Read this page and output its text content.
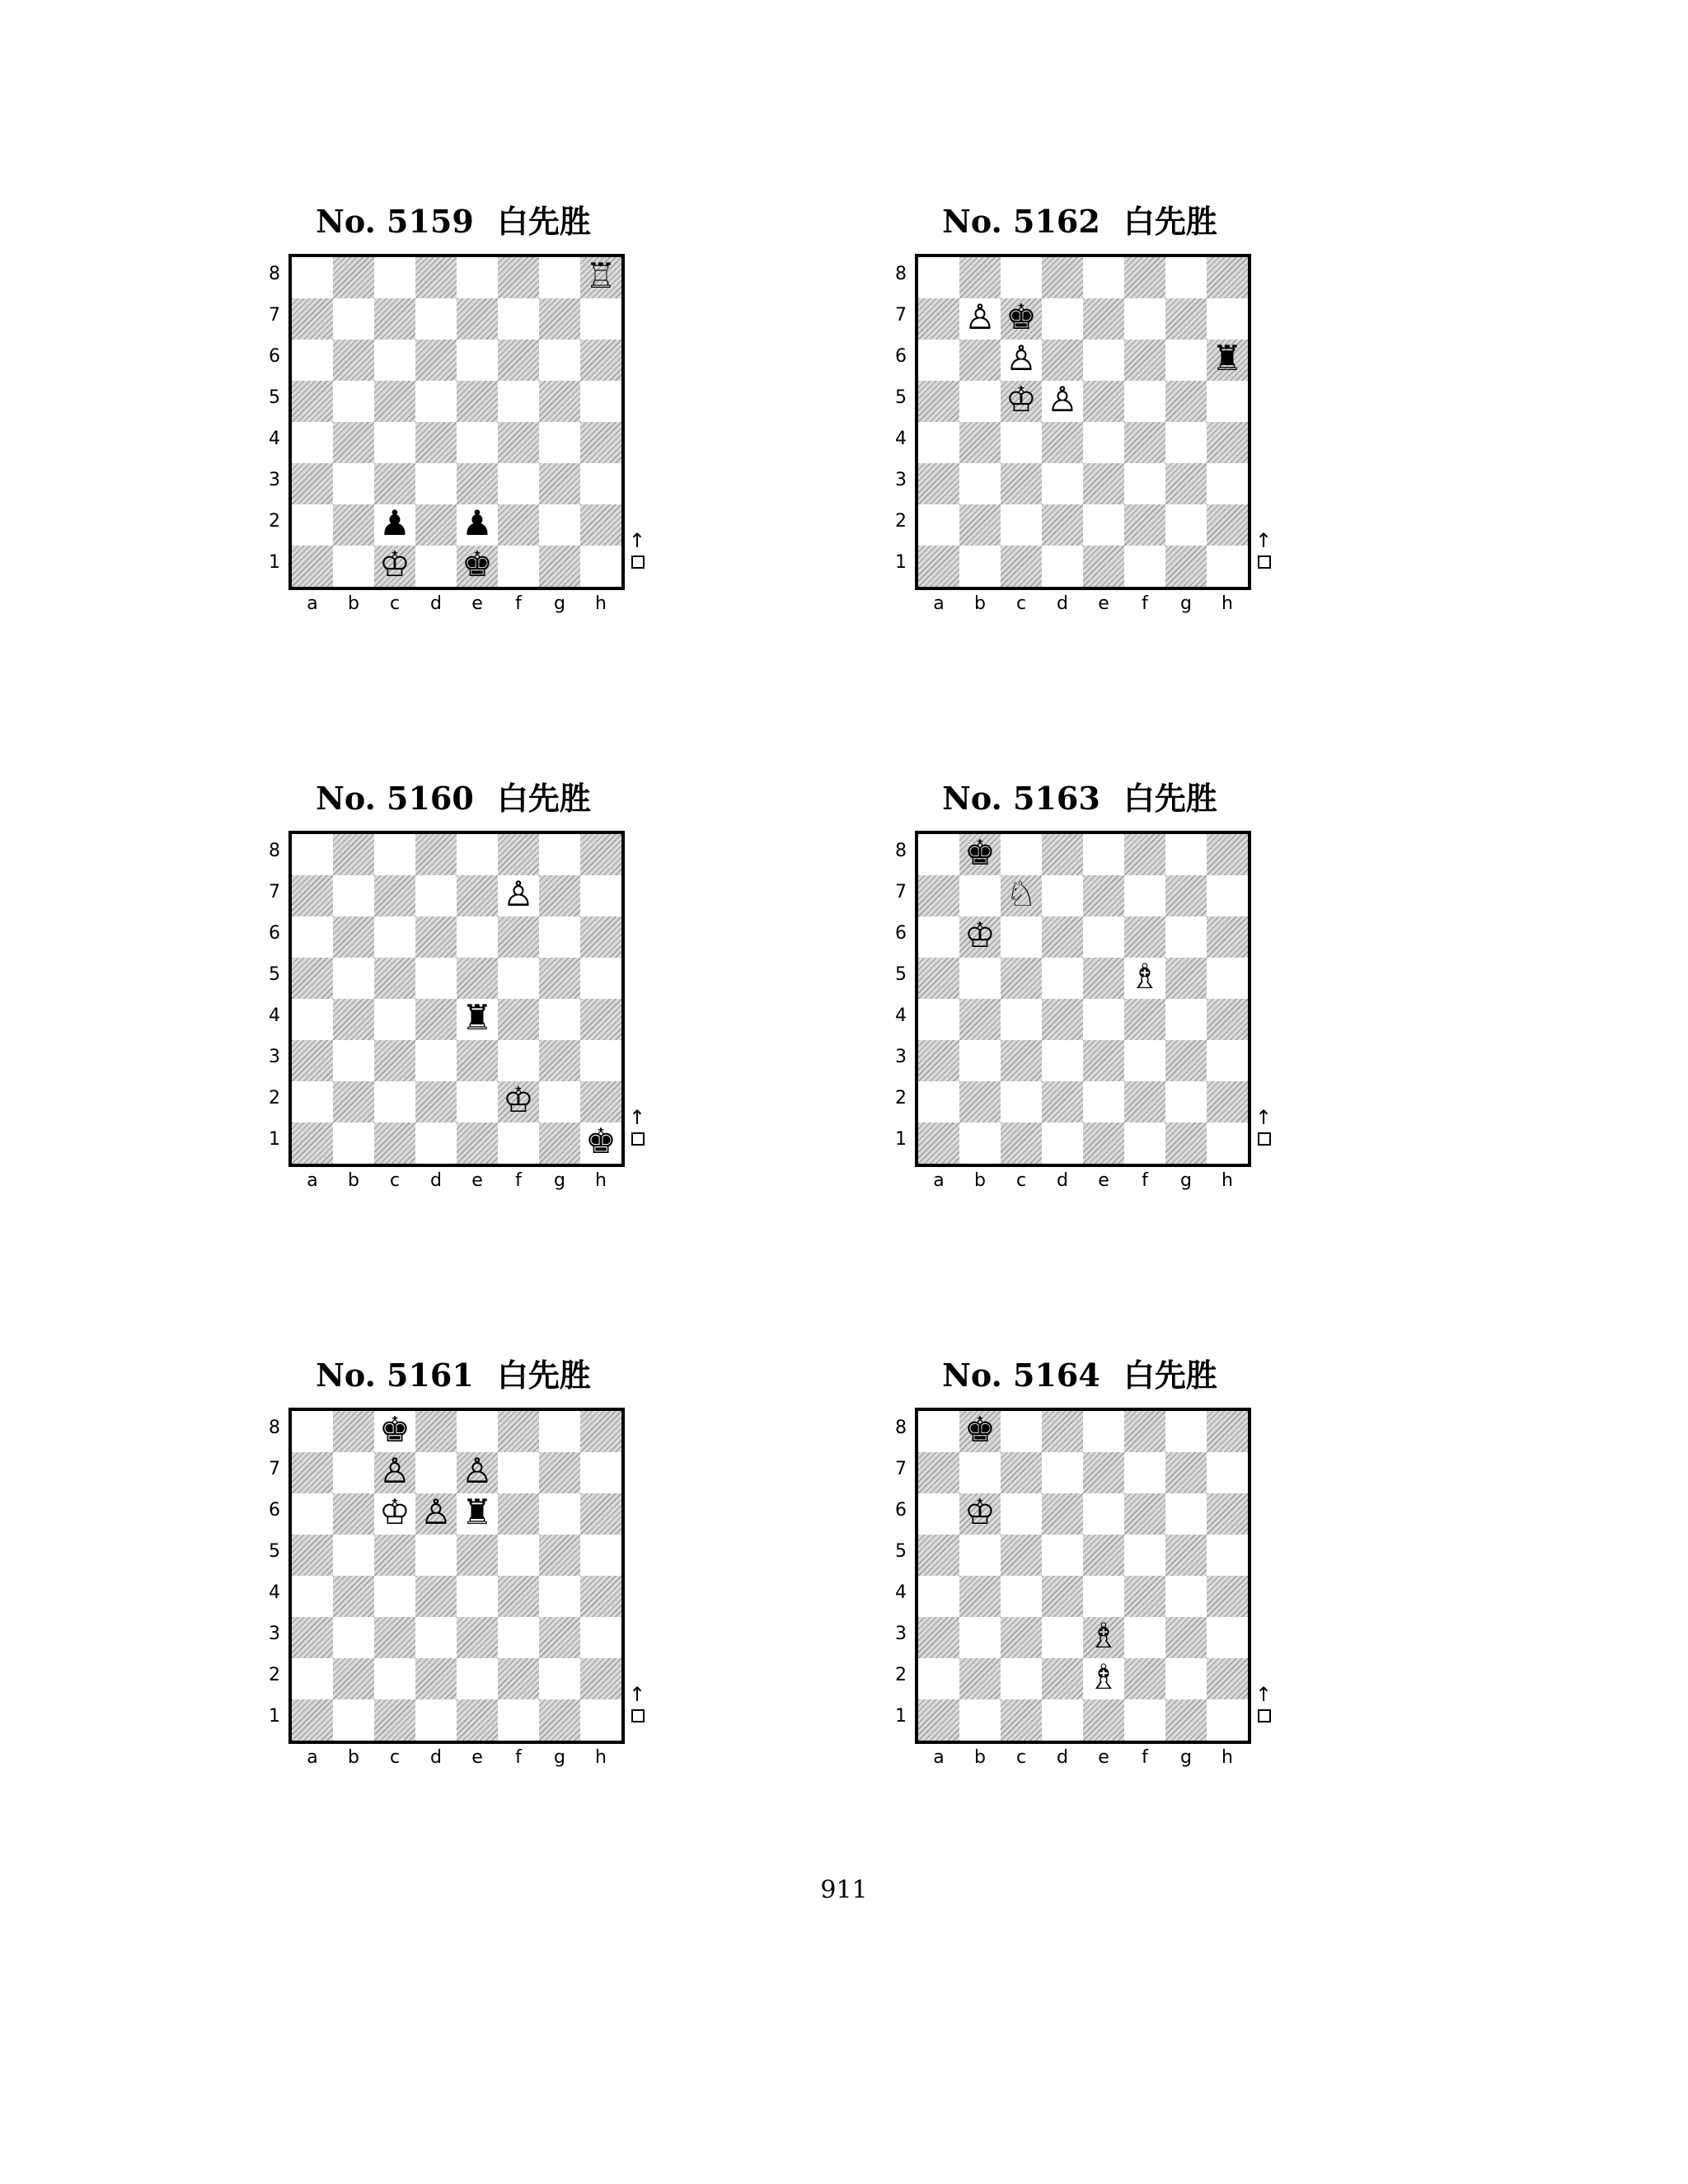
No. 5159 白先胜
♖
♟ ♟
♔ ♚
8
7
6
5
4
3
2
1
a	b	c	d	e	f	g	h
↑
No. 5162 白先胜
♙ ♚
♙	♜
♔ ♙
8
7
6
5
4
3
2
1
a	b	c	d	e	f	g	h
↑
No. 5160 白先胜
♙
♜
♔
♚
8
7
6
5
4
3
2
1
a	b	c	d	e	f	g	h
↑
No. 5163 白先胜
♚
♘
♔
♗
8
7
6
5
4
3
2
1
a	b	c	d	e	f	g	h
↑
No. 5161 白先胜
♚
♙ ♙
♔ ♙ ♜
8
7
6
5
4
3
2
1
a	b	c	d	e	f	g	h
↑
No. 5164 白先胜
♚
♔
♗
♗
8
7
6
5
4
3
2
1
a	b	c	d	e	f	g	h
↑
911
